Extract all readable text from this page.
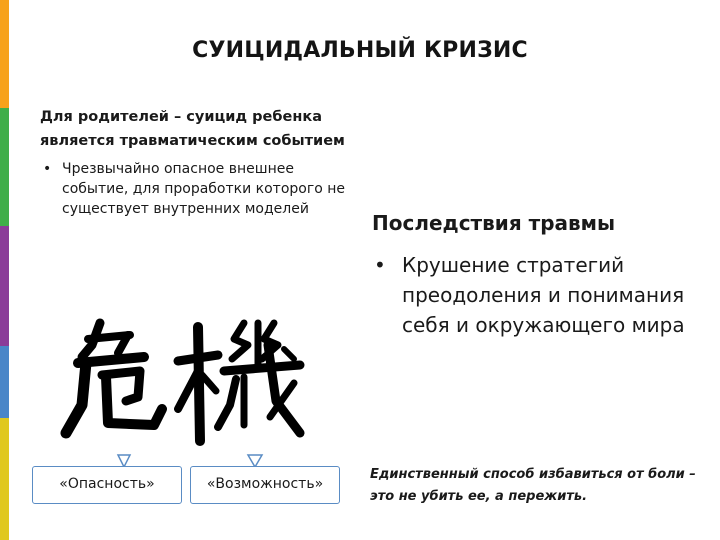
СУИЦИДАЛЬНЫЙ КРИЗИС

Для родителей – суицид ребенка является травматическим событием

• Чрезвычайно опасное внешнее событие, для проработки которого не существует внутренних моделей

Последствия травмы

• Крушение стратегий преодоления и понимания себя и окружающего мира
«Опасность»	«Возможность»
Единственный способ избавиться от боли – это не убить ее, а пережить.
